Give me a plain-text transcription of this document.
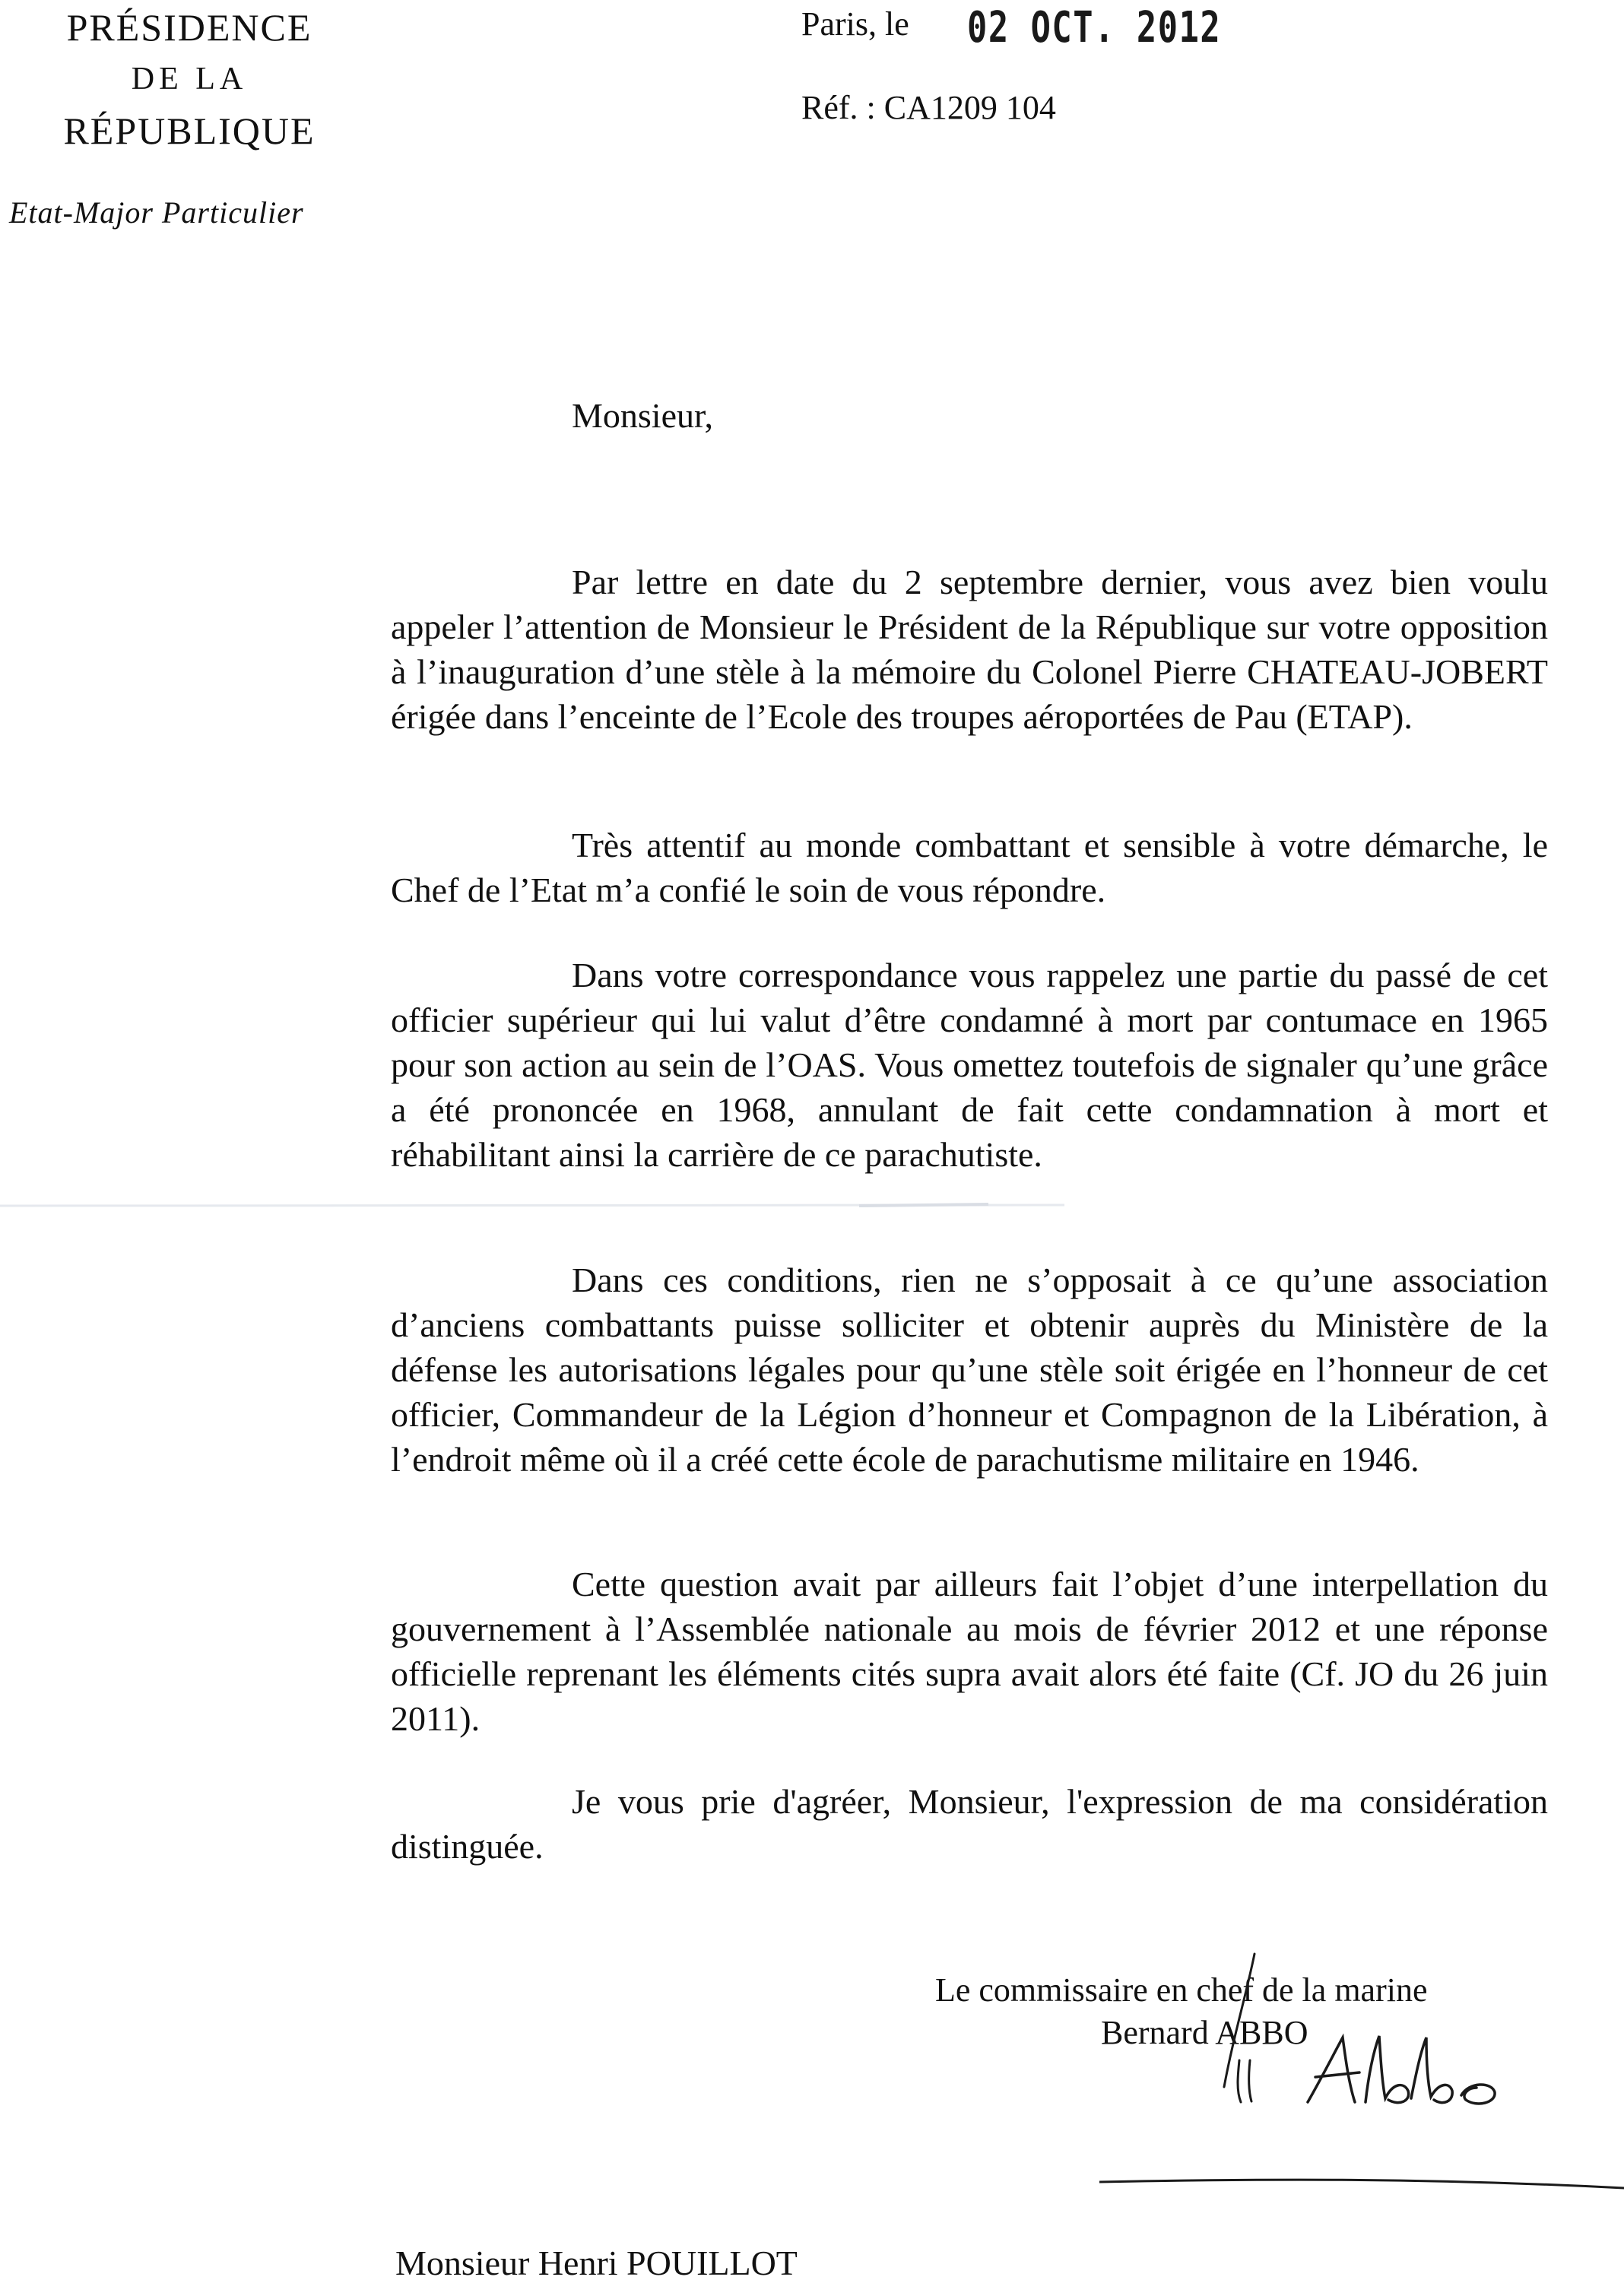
PRÉSIDENCE
DE LA
RÉPUBLIQUE
Etat-Major Particulier
Paris, le 02 OCT. 2012
Réf. : CA1209 104
Monsieur,

Par lettre en date du 2 septembre dernier, vous avez bien voulu appeler l’attention de Monsieur le Président de la République sur votre opposition à l’inauguration d’une stèle à la mémoire du Colonel Pierre CHATEAU-JOBERT érigée dans l’enceinte de l’Ecole des troupes aéroportées de Pau (ETAP).

Très attentif au monde combattant et sensible à votre démarche, le Chef de l’Etat m’a confié le soin de vous répondre.

Dans votre correspondance vous rappelez une partie du passé de cet officier supérieur qui lui valut d’être condamné à mort par contumace en 1965 pour son action au sein de l’OAS. Vous omettez toutefois de signaler qu’une grâce a été prononcée en 1968, annulant de fait cette condamnation à mort et réhabilitant ainsi la carrière de ce parachutiste.

Dans ces conditions, rien ne s’opposait à ce qu’une association d’anciens combattants puisse solliciter et obtenir auprès du Ministère de la défense les autorisations légales pour qu’une stèle soit érigée en l’honneur de cet officier, Commandeur de la Légion d’honneur et Compagnon de la Libération, à l’endroit même où il a créé cette école de parachutisme militaire en 1946.

Cette question avait par ailleurs fait l’objet d’une interpellation du gouvernement à l’Assemblée nationale au mois de février 2012 et une réponse officielle reprenant les éléments cités supra avait alors été faite (Cf. JO du 26 juin 2011).

Je vous prie d'agréer, Monsieur, l'expression de ma considération distinguée.

Le commissaire en chef de la marine
Bernard ABBO
Monsieur Henri POUILLOT
